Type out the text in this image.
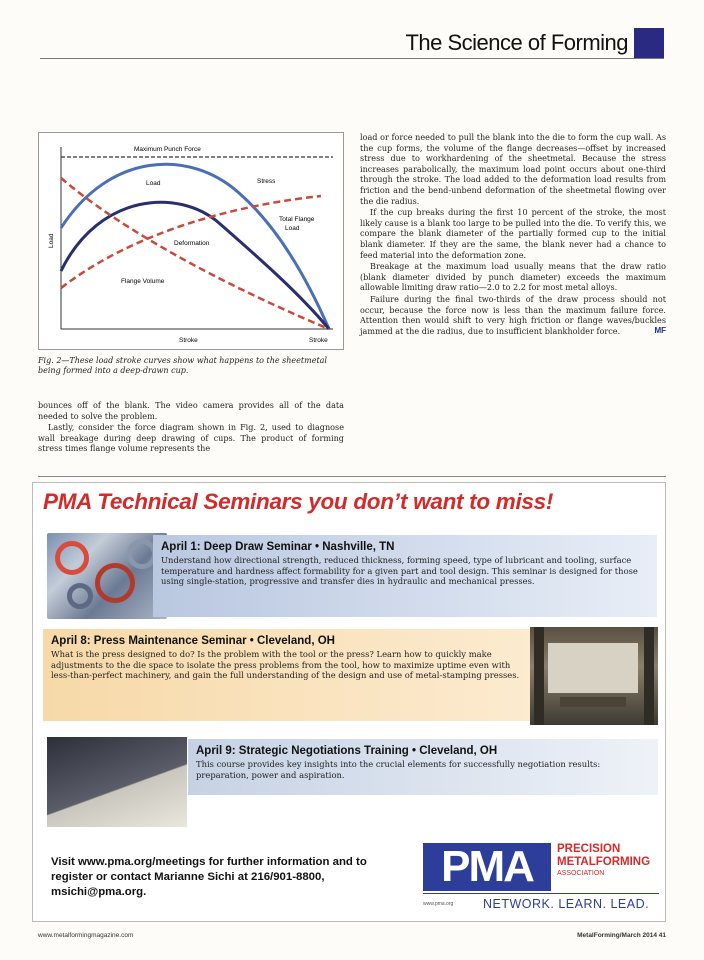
The Science of Forming
Maximum Punch Force
Load	Stress
Total Flange
Load
Deformation
Flange Volume
Load
Stroke	Stroke
Fig. 2—These load stroke curves show what happens to the sheetmetal being formed into a deep-drawn cup.

bounces off of the blank. The video camera provides all of the data needed to solve the problem.

Lastly, consider the force diagram shown in Fig. 2, used to diagnose wall breakage during deep drawing of cups. The product of forming stress times flange volume represents the

load or force needed to pull the blank into the die to form the cup wall. As the cup forms, the volume of the flange decreases—offset by increased stress due to workhardening of the sheetmetal. Because the stress increases parabolically, the maximum load point occurs about one-third through the stroke. The load added to the deformation load results from friction and the bend-unbend deformation of the sheetmetal flowing over the die radius.

If the cup breaks during the first 10 percent of the stroke, the most likely cause is a blank too large to be pulled into the die. To verify this, we compare the blank diameter of the partially formed cup to the initial blank diameter. If they are the same, the blank never had a chance to feed material into the deformation zone.

Breakage at the maximum load usually means that the draw ratio (blank diameter divided by punch diameter) exceeds the maximum allowable limiting draw ratio—2.0 to 2.2 for most metal alloys.

Failure during the final two-thirds of the draw process should not occur, because the force now is less than the maximum failure force. Attention then would shift to very high friction or flange waves/buckles jammed at the die radius, due to insufficient blankholder force.	MF

PMA Technical Seminars you don’t want to miss!
April 1: Deep Draw Seminar • Nashville, TN
Understand how directional strength, reduced thickness, forming speed, type of lubricant and tooling, surface temperature and hardness affect formability for a given part and tool design. This seminar is designed for those using single-station, progressive and transfer dies in hydraulic and mechanical presses.
April 8: Press Maintenance Seminar • Cleveland, OH
What is the press designed to do? Is the problem with the tool or the press? Learn how to quickly make adjustments to the die space to isolate the press problems from the tool, how to maximize uptime even with less-than-perfect machinery, and gain the full understanding of the design and use of metal-stamping presses.
April 9: Strategic Negotiations Training • Cleveland, OH
This course provides key insights into the crucial elements for successfully negotiation results: preparation, power and aspiration.
Visit www.pma.org/meetings for further information and to register or contact Marianne Sichi at 216/901-8800, msichi@pma.org.
PMA	PRECISION
METALFORMING
ASSOCIATION
www.pma.org NETWORK. LEARN. LEAD.
www.metalformingmagazine.com	MetalForming/March 2014 41
